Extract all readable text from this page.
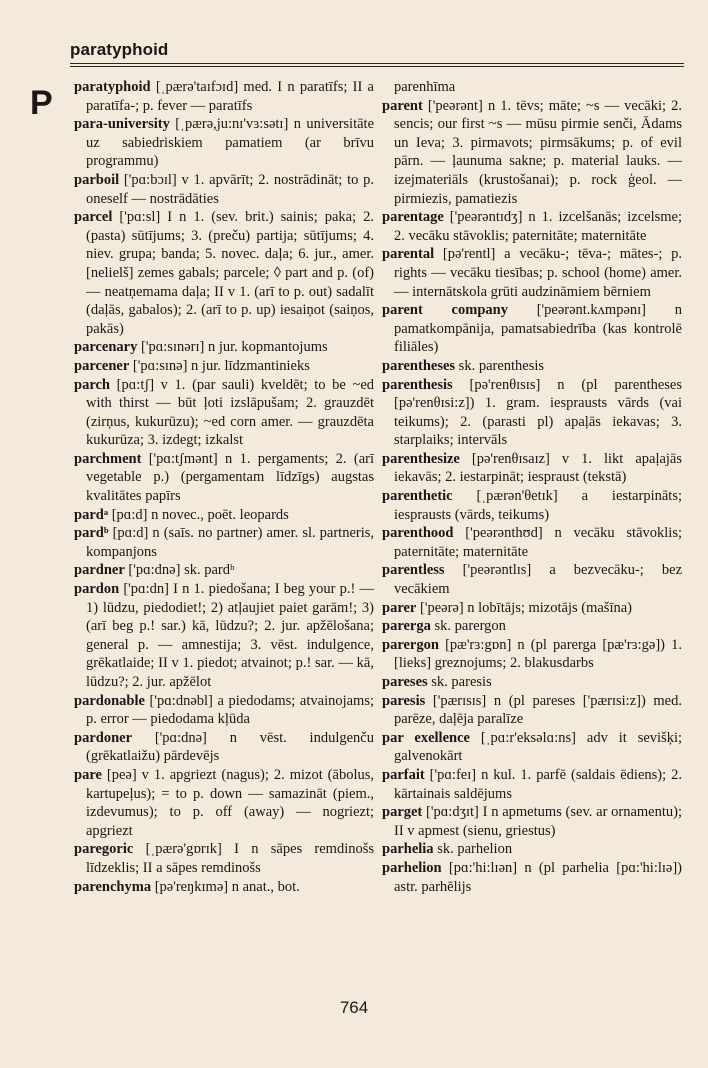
paratyphoid
P paratyphoid [ˌpærə'taɪfɔɪd] med. I n paratīfs; II a paratīfa-; p. fever — paratīfs

para-university [ˌpærə,ju:nɪ'vɜ:sətɪ] n universitāte uz sabiedriskiem pamatiem (ar brīvu programmu)

parboil ['pɑ:bɔɪl] v 1. apvārīt; 2. nostrādināt; to p. oneself — nostrādāties

parcel ['pɑ:sl] I n 1. (sev. brit.) sainis; paka; 2. (pasta) sūtījums; 3. (preču) partija; sūtījums; 4. niev. grupa; banda; 5. novec. daļa; 6. jur., amer. [nelielš] zemes gabals; parcele; ◊ part and p. (of) — neatņemama daļa; II v 1. (arī to p. out) sadalīt (daļās, gabalos); 2. (arī to p. up) iesaiņot (saiņos, pakās)

parcenary ['pɑ:sɪnərɪ] n jur. kopmantojums

parcener ['pɑ:sɪnə] n jur. līdzmantinieks

parch [pɑ:tʃ] v 1. (par sauli) kveldēt; to be ~ed with thirst — būt ļoti izslāpušam; 2. grauzdēt (zirņus, kukurūzu); ~ed corn amer. — grauzdēta kukurūza; 3. izdegt; izkalst

parchment ['pɑ:tʃmənt] n 1. pergaments; 2. (arī vegetable p.) (pergamentam līdzīgs) augstas kvalitātes papīrs

pardᵃ [pɑ:d] n novec., poēt. leopards

pardᵇ [pɑ:d] n (saīs. no partner) amer. sl. partneris, kompanjons

pardner ['pɑ:dnə] sk. pardᵇ

pardon ['pɑ:dn] I n 1. piedošana; I beg your p.! — 1) lūdzu, piedodiet!; 2) atļaujiet paiet garām!; 3) (arī beg p.! sar.) kā, lūdzu?; 2. jur. apžēlošana; general p. — amnestija; 3. vēst. indulgence, grēkatlaide; II v 1. piedot; atvainot; p.! sar. — kā, lūdzu?; 2. jur. apžēlot

pardonable ['pɑ:dnəbl] a piedodams; atvainojams; p. error — piedodama kļūda

pardoner ['pɑ:dnə] n vēst. indulgenču (grēkatlaižu) pārdevējs

pare [peə] v 1. apgriezt (nagus); 2. mizot (ābolus, kartupeļus); = to p. down — samazināt (piem., izdevumus); to p. off (away) — nogriezt; apgriezt

paregoric [ˌpærə'gɒrɪk] I n sāpes remdinošs līdzeklis; II a sāpes remdinošs

parenchyma [pə'reŋkɪmə] n anat., bot.

parenhīma

parent ['peərənt] n 1. tēvs; māte; ~s — vecāki; 2. sencis; our first ~s — mūsu pirmie senči, Ādams un Ieva; 3. pirmavots; pirmsākums; p. of evil pārn. — ļaunuma sakne; p. material lauks. — izejmateriāls (krustošanai); p. rock ģeol. — pirmiezis, pamatiezis

parentage ['peərəntɪdʒ] n 1. izcelšanās; izcelsme; 2. vecāku stāvoklis; paternitāte; maternitāte

parental [pə'rentl] a vecāku-; tēva-; mātes-; p. rights — vecāku tiesības; p. school (home) amer. — internātskola grūti audzināmiem bērniem

parent company ['peərənt.kʌmpənɪ] n pamatkompānija, pamatsabiedrība (kas kontrolē filiāles)

parentheses sk. parenthesis

parenthesis [pə'renθɪsɪs] n (pl parentheses [pə'renθɪsi:z]) 1. gram. iesprausts vārds (vai teikums); 2. (parasti pl) apaļās iekavas; 3. starplaiks; intervāls

parenthesize [pə'renθɪsaɪz] v 1. likt apaļajās iekavās; 2. iestarpināt; iespraust (tekstā)

parenthetic [ˌpærən'θetɪk] a iestarpināts; iesprausts (vārds, teikums)

parenthood ['peərənthʊd] n vecāku stāvoklis; paternitāte; maternitāte

parentless ['peərəntlɪs] a bezvecāku-; bez vecākiem

parer ['peərə] n lobītājs; mizotājs (mašīna)

parerga sk. parergon

parergon [pæ'rɜ:gɒn] n (pl parerga [pæ'rɜ:gə]) 1. [lieks] greznojums; 2. blakusdarbs

pareses sk. paresis

paresis ['pærɪsɪs] n (pl pareses ['pærɪsi:z]) med. parēze, daļēja paralīze

par exellence [ˌpɑ:r'eksəlɑ:ns] adv it sevišķi; galvenokārt

parfait ['pɑ:feɪ] n kul. 1. parfē (saldais ēdiens); 2. kārtainais saldējums

parget ['pɑ:dʒɪt] I n apmetums (sev. ar ornamentu); II v apmest (sienu, griestus)

parhelia sk. parhelion

parhelion [pɑ:'hi:lɪən] n (pl parhelia [pɑ:'hi:lɪə]) astr. parhēlijs

764
